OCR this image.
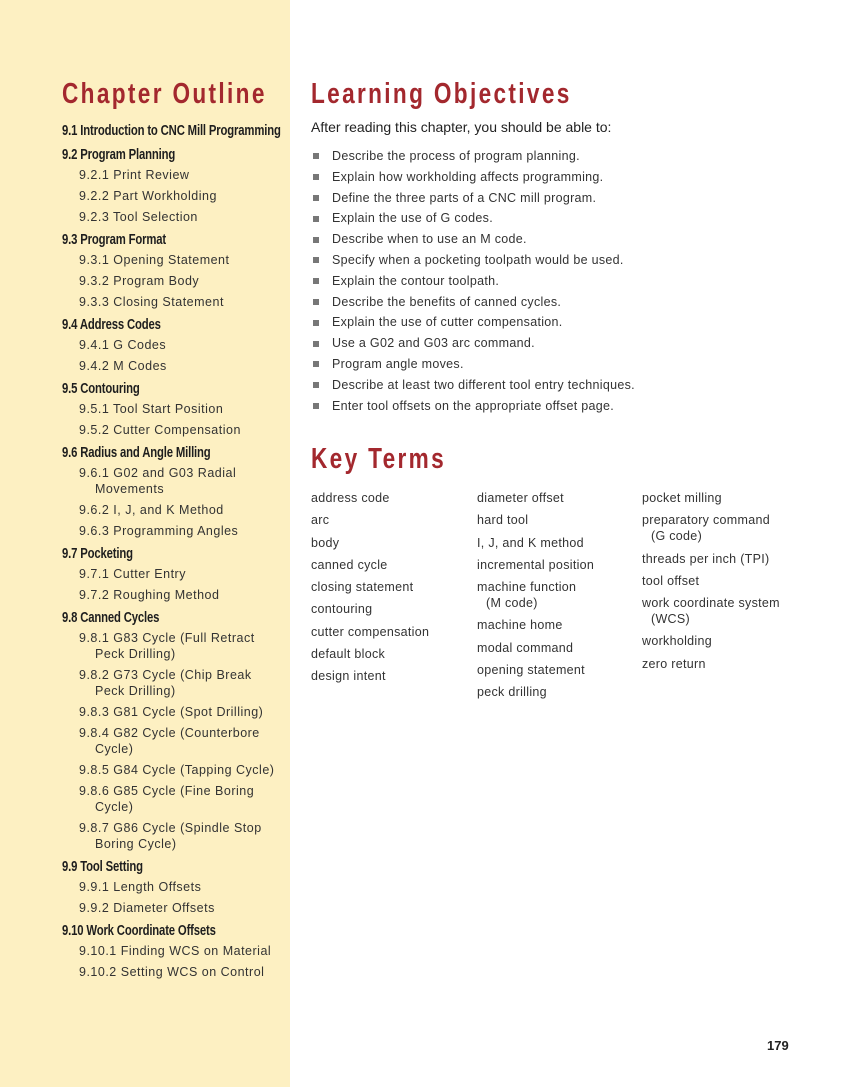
Chapter Outline
9.1 Introduction to CNC Mill Programming
9.2 Program Planning
9.2.1 Print Review
9.2.2 Part Workholding
9.2.3 Tool Selection
9.3 Program Format
9.3.1 Opening Statement
9.3.2 Program Body
9.3.3 Closing Statement
9.4 Address Codes
9.4.1 G Codes
9.4.2 M Codes
9.5 Contouring
9.5.1 Tool Start Position
9.5.2 Cutter Compensation
9.6 Radius and Angle Milling
9.6.1 G02 and G03 Radial
Movements
9.6.2 I, J, and K Method
9.6.3 Programming Angles
9.7 Pocketing
9.7.1 Cutter Entry
9.7.2 Roughing Method
9.8 Canned Cycles
9.8.1 G83 Cycle (Full Retract
Peck Drilling)
9.8.2 G73 Cycle (Chip Break
Peck Drilling)
9.8.3 G81 Cycle (Spot Drilling)
9.8.4 G82 Cycle (Counterbore
Cycle)
9.8.5 G84 Cycle (Tapping Cycle)
9.8.6 G85 Cycle (Fine Boring
Cycle)
9.8.7 G86 Cycle (Spindle Stop
Boring Cycle)
9.9 Tool Setting
9.9.1 Length Offsets
9.9.2 Diameter Offsets
9.10 Work Coordinate Offsets
9.10.1 Finding WCS on Material
9.10.2 Setting WCS on Control
Learning Objectives
After reading this chapter, you should be able to:
Describe the process of program planning.
Explain how workholding affects programming.
Define the three parts of a CNC mill program.
Explain the use of G codes.
Describe when to use an M code.
Specify when a pocketing toolpath would be used.
Explain the contour toolpath.
Describe the benefits of canned cycles.
Explain the use of cutter compensation.
Use a G02 and G03 arc command.
Program angle moves.
Describe at least two different tool entry techniques.
Enter tool offsets on the appropriate offset page.
Key Terms
address code
arc
body
canned cycle
closing statement
contouring
cutter compensation
default block
design intent
diameter offset
hard tool
I, J, and K method
incremental position
machine function
(M code)
machine home
modal command
opening statement
peck drilling
pocket milling
preparatory command
(G code)
threads per inch (TPI)
tool offset
work coordinate system
(WCS)
workholding
zero return
179
